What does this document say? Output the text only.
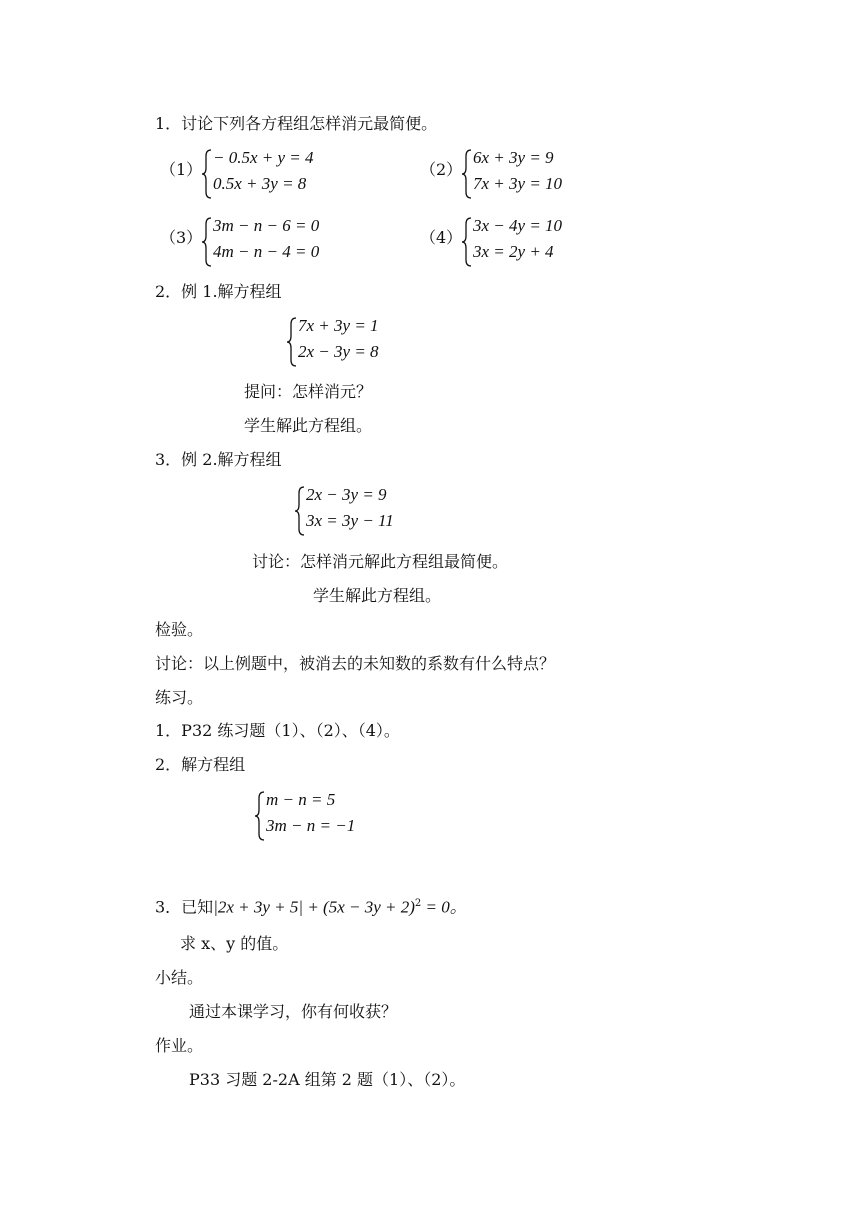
1．讨论下列各方程组怎样消元最简便。
（1）
− 0.5x + y = 4
0.5x + 3y = 8
（2）
6x + 3y = 9
7x + 3y = 10
（3）
3m − n − 6 = 0
4m − n − 4 = 0
（4）
3x − 4y = 10
3x = 2y + 4
2．例 1.解方程组
7x + 3y = 1
2x − 3y = 8
提问：怎样消元？
学生解此方程组。
3．例 2.解方程组
2x − 3y = 9
3x = 3y − 11
讨论：怎样消元解此方程组最简便。
学生解此方程组。
检验。
讨论：以上例题中，被消去的未知数的系数有什么特点？
练习。
1．P32 练习题（1）、（2）、（4）。
2．解方程组
m − n = 5
3m − n = −1
3．已知$|2x + 3y + 5| + (5x - 3y + 2)^2 = 0$。
求 x、y 的值。
小结。
通过本课学习，你有何收获？
作业。
P33 习题 2-2A 组第 2 题（1）、（2）。
